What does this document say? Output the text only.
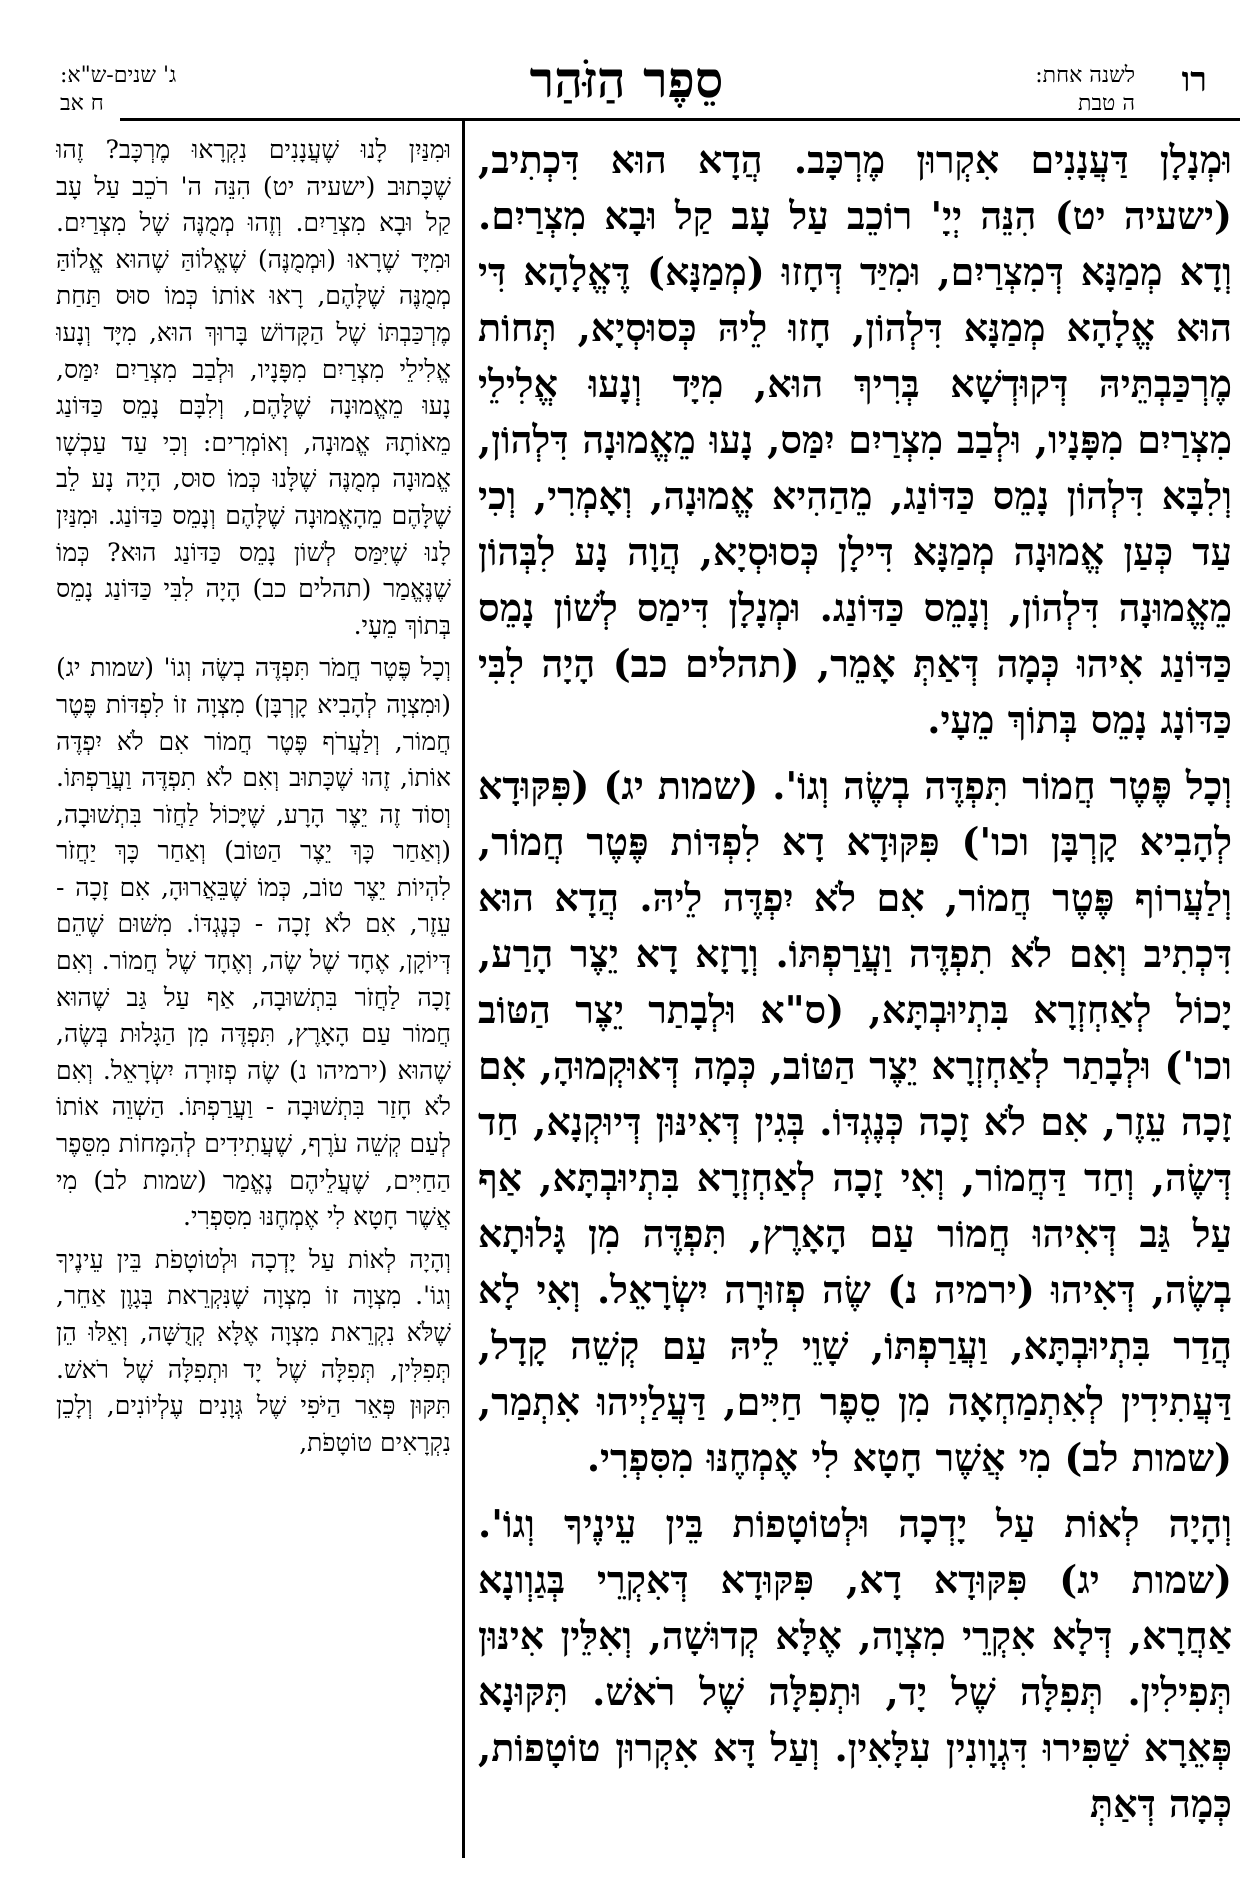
רו
לשנה אחת:
ה טבת
סֵפֶר הַזֹּהַר
ג' שנים-ש"א:
ח אב

וּמְנָלָן דַּעֲנָנִים אִקְרוּן מֶרְכָּב. הֲדָא הוּא דִּכְתִיב, (ישעיה יט) הִנֵּה יְיָ' רוֹכֵב עַל עָב קַל וּבָא מִצְרַיִם. וְדָא מְמַנָּא דְּמִצְרַיִם, וּמִיַּד דְּחָזוּ (מְמַנָּא) דֶּאֱלָהָא דִּי הוּא אֱלָהָא מְמַנָּא דִּלְהוֹן, חָזוּ לֵיהּ כְּסוּסְיָא, תְּחוֹת מֶרְכַּבְתֵּיהּ דְּקוּדְשָׁא בְּרִיךְ הוּא, מִיָּד וְנָעוּ אֱלִילֵי מִצְרַיִם מִפָּנָיו, וּלְבַב מִצְרַיִם יִמַּס, נָעוּ מֵאֱמוּנָה דִּלְהוֹן, וְלִבָּא דִּלְהוֹן נָמֵס כַּדּוֹנַג, מֵהַהִיא אֱמוּנָה, וְאָמְרִי, וְכִי עַד כְּעַן אֱמוּנָה מְמַנָּא דִּילָן כְּסוּסְיָא, הֲוָה נָע לִבְּהוֹן מֵאֱמוּנָה דִּלְהוֹן, וְנָמֵס כַּדּוֹנַג. וּמְנָלָן דִּימַס לְשׁוֹן נָמֵס כַּדּוֹנַג אִיהוּ כְּמָה דְּאַתְּ אָמֵר, (תהלים כב) הָיָה לִבִּי כַּדּוֹנָג נָמֵס בְּתוֹךְ מֵעָי.

וְכָל פֶּטֶר חֲמוֹר תִּפְדֶּה בְשֶׂה וְגוֹ'. (שמות יג) (פִּקּוּדָא לְהָבִיא קָרְבָּן וכו') פִּקּוּדָא דָא לִפְדּוֹת פֶּטֶר חֲמוֹר, וְלַעֲרוֹף פֶּטֶר חֲמוֹר, אִם לֹא יִפְדֶּה לֵיהּ. הֲדָא הוּא דִּכְתִיב וְאִם לֹא תִפְדֶּה וַעֲרַפְתּוֹ. וְרָזָא דָא יֵצֶר הָרַע, יָכוֹל לְאַחְזְרָא בִּתְיוּבְתָּא, (ס"א וּלְבָתַר יֵצֶר הַטּוֹב וכו') וּלְבָתַר לְאַחְזְרָא יֵצֶר הַטּוֹב, כְּמָה דְּאוּקְמוּהָ, אִם זָכָה עֵזֶר, אִם לֹא זָכָה כְּנֶגְדּוֹ. בְּגִין דְּאִינּוּן דְּיוּקְנָא, חַד דְּשֶׂה, וְחַד דַּחֲמוֹר, וְאִי זָכָה לְאַחְזְרָא בִּתְיוּבְתָּא, אַף עַל גַּב דְּאִיהוּ חֲמוֹר עַם הָאָרֶץ, תִּפְדֶּה מִן גָּלוּתָא בְשֶׂה, דְּאִיהוּ (ירמיה נ) שֶׂה פְזוּרָה יִשְׂרָאֵל. וְאִי לָא הֲדַר בִּתְיוּבְתָּא, וַעֲרַפְתּוֹ, שָׁוֵי לֵיהּ עַם קְשֵׁה קָדָל, דַּעֲתִידִין לְאִתְמַחְאָה מִן סֵפֶר חַיִּים, דַּעֲלַיְיהוּ אִתְמַר, (שמות לב) מִי אֲשֶׁר חָטָא לִי אֶמְחֶנּוּ מִסִּפְרִי.

וְהָיָה לְאוֹת עַל יָדְכָה וּלְטוֹטָפוֹת בֵּין עֵינֶיךָ וְגוֹ'. (שמות יג) פִּקּוּדָא דָא, פִּקּוּדָא דְּאִקְרֵי בְּגַוְונָא אַחֲרָא, דְּלָא אִקְרֵי מִצְוָה, אֶלָּא קְדוּשָׁה, וְאִלֵּין אִינּוּן תְּפִילִין. תְּפִלָּה שֶׁל יָד, וּתְפִלָּה שֶׁל רֹאשׁ. תִּקּוּנָא פְּאֵרָא שַׁפִּירוּ דִּגְוָונִין עִלָּאִין. וְעַל דָּא אִקְרוּן טוֹטָפוֹת, כְּמָה דְּאַתְּ

וּמִנַּיִן לָנוּ שֶׁעֲנָנִים נִקְרָאוּ מֶרְכָּב? זֶהוּ שֶׁכָּתוּב (ישעיה יט) הִנֵּה ה' רֹכֵב עַל עָב קַל וּבָא מִצְרַיִם. וְזֶהוּ מְמֻנֶּה שֶׁל מִצְרַיִם. וּמִיָּד שֶׁרָאוּ (וּמְמֻנֶּה) שֶׁאֱלוֹהַּ שֶׁהוּא אֱלוֹהַּ מְמֻנֶּה שֶׁלָּהֶם, רָאוּ אוֹתוֹ כְּמוֹ סוּס תַּחַת מֶרְכַּבְתּוֹ שֶׁל הַקָּדוֹשׁ בָּרוּךְ הוּא, מִיָּד וְנָעוּ אֱלִילֵי מִצְרַיִם מִפָּנָיו, וּלְבַב מִצְרַיִם יִמַּס, נָעוּ מֵאֱמוּנָה שֶׁלָּהֶם, וְלִבָּם נָמֵס כַּדּוֹנַג מֵאוֹתָהּ אֱמוּנָה, וְאוֹמְרִים: וְכִי עַד עַכְשָׁו אֱמוּנָה מְמֻנֶּה שֶׁלָּנוּ כְּמוֹ סוּס, הָיָה נָע לֵב שֶׁלָּהֶם מֵהָאֱמוּנָה שֶׁלָּהֶם וְנָמֵס כַּדּוֹנַג. וּמִנַּיִן לָנוּ שֶׁיִּמַּס לְשׁוֹן נָמֵס כַּדּוֹנַג הוּא? כְּמוֹ שֶׁנֶּאֱמַר (תהלים כב) הָיָה לִבִּי כַּדּוֹנַג נָמֵס בְּתוֹךְ מֵעָי.

וְכָל פֶּטֶר חֲמֹר תִּפְדֶּה בְשֶׂה וְגוֹ' (שמות יג) (וּמִצְוָה לְהָבִיא קָרְבָּן) מִצְוָה זוֹ לִפְדּוֹת פֶּטֶר חֲמוֹר, וְלַעֲרֹף פֶּטֶר חֲמוֹר אִם לֹא יִפְדֶּה אוֹתוֹ, זֶהוּ שֶׁכָּתוּב וְאִם לֹא תִפְדֶּה וַעֲרַפְתּוֹ. וְסוֹד זֶה יֵצֶר הָרָע, שֶׁיָּכוֹל לַחֲזֹר בִּתְשׁוּבָה, (וְאַחַר כָּךְ יֵצֶר הַטּוֹב) וְאַחַר כָּךְ יַחֲזֹר לִהְיוֹת יֵצֶר טוֹב, כְּמוֹ שֶׁבֵּאֲרוּהָ, אִם זָכָה - עֵזֶר, אִם לֹא זָכָה - כְּנֶגְדּוֹ. מִשּׁוּם שֶׁהֵם דְּיוֹקָן, אֶחָד שֶׁל שֶׂה, וְאֶחָד שֶׁל חֲמוֹר. וְאִם זָכָה לַחֲזֹר בִּתְשׁוּבָה, אַף עַל גַּב שֶׁהוּא חֲמוֹר עַם הָאָרֶץ, תִּפְדֶּה מִן הַגָּלוּת בְּשֶׂה, שֶׁהוּא (ירמיהו נ) שֶׂה פְזוּרָה יִשְׂרָאֵל. וְאִם לֹא חָזַר בִּתְשׁוּבָה - וַעֲרַפְתּוֹ. הַשְׁוֵה אוֹתוֹ לְעַם קְשֵׁה עֹרֶף, שֶׁעֲתִידִים לְהִמָּחוֹת מִסֵּפֶר הַחַיִּים, שֶׁעֲלֵיהֶם נֶאֱמַר (שמות לב) מִי אֲשֶׁר חָטָא לִי אֶמְחֶנּוּ מִסִּפְרִי.

וְהָיָה לְאוֹת עַל יָדְכָה וּלְטוֹטָפֹת בֵּין עֵינֶיךָ וְגוֹ'. מִצְוָה זוֹ מִצְוָה שֶׁנִּקְרֵאת בְּגָוֶן אַחֵר, שֶׁלֹּא נִקְרֵאת מִצְוָה אֶלָּא קְדֻשָּׁה, וְאֵלּוּ הֵן תְּפִלִּין, תְּפִלָּה שֶׁל יָד וּתְפִלָּה שֶׁל רֹאשׁ. תִּקּוּן פְּאֵר הַיֹּפִי שֶׁל גְּוָנִים עֶלְיוֹנִים, וְלָכֵן נִקְרָאִים טוֹטָפֹת,
